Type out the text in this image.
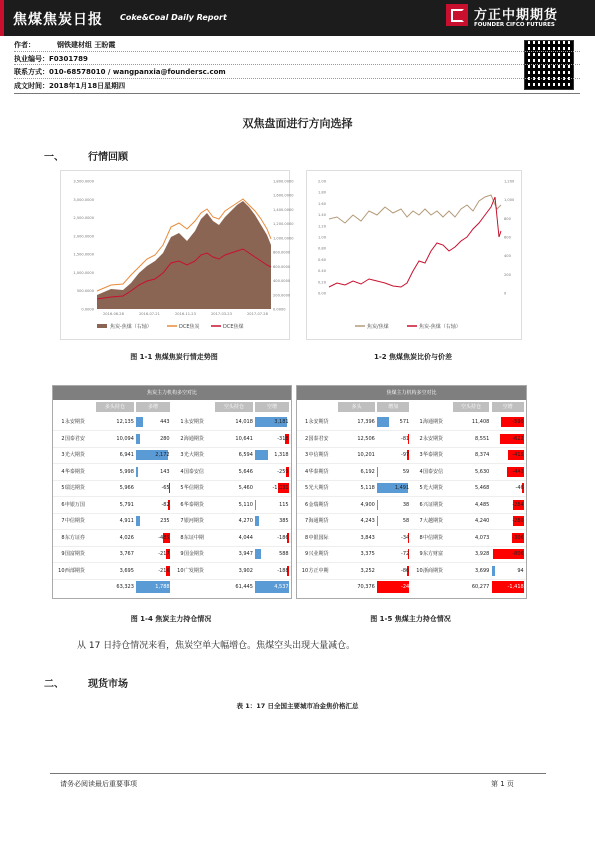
焦煤焦炭日报 Coke&Coal Daily Report	方正中期期货
FOUNDER CIFCO FUTURES
作者：	钢铁建材组 王盼霞
执业编号：F0301789
联系方式：010-68578010 / wangpanxia@foundersc.com
成文时间：2018年1月18日星期四
双焦盘面进行方向选择
一、 行情回顾
3,500.0000
3,000.0000
2,500.0000
2,000.0000
1,500.0000
1,000.0000
500.0000
0.0000
1,800.0000
1,600.0000
1,400.0000
1,200.0000
1,000.0000
800.0000
600.0000
400.0000
200.0000
0.0000
2016-06-28	2016-07-21	2016-11-23	2017-03-23	2017-07-28
焦炭-焦煤（右轴）	DCE焦炭	DCE焦煤
2.00
1.80
1.60
1.40
1.20
1.00
0.80
0.60
0.40
0.20
0.00
1,200
1,000
800
600
400
200
0
焦炭/焦煤	焦炭-焦煤（右轴）
图 1-1 焦煤焦炭行情走势图	1-2 焦煤焦炭比价与价差
焦炭主力机构多空对比
多头持仓	多增	空头持仓	空增
1 永安期货	12,135	443	1 永安期货	14,018	3,181
2 国泰君安	10,094	280	2 海通期货	10,641	-318
3 光大期货	6,941	2,172	3 光大期货	6,594	1,318
4 华泰期货	5,998	143	4 国泰安信	5,646	-259
5 瑞达期货	5,966	-65	5 华信期货	5,460	-1,031
6 申银万国	5,791	-82	6 华泰期货	5,110	115
7 中信期货	4,911	235	7 银河期货	4,270	385
8 东方证券	4,026	-485	8 东证中期	4,044	-186
9 国富期货	3,767	-217	9 国金期货	3,947	588
10 西部期货	3,695	-216	10 广发期货	3,902	-188
63,323	1,788	61,445	4,537
焦煤主力机构多空对比
多头	增加	空头持仓	空增
1 永安期货	17,396	571	1 海通期货	11,408	-590
2 国泰君安	12,506	-81	2 永安期货	8,551	-622
3 中信期货	10,201	-97	3 华泰期货	8,374	-415
4 华泰期货	6,192	59	4 国泰安信	5,630	-442
5 光大期货	5,118	1,491	5 光大期货	5,468	-46
6 金瑞期货	4,900	38	6 兴证期货	4,485	-284
7 海通期货	4,243	58	7 大越期货	4,240	-280
8 中银国际	3,843	-34	8 中信期货	4,073	-306
9 兴业期货	3,375	-72	9 东方财富	3,928	-806
10 方正中期	3,252	-86	10 浙商期货	3,699	94
70,376	-24	60,277	-1,418
图 1-4 焦炭主力持仓情况	图 1-5 焦煤主力持仓情况
从 17 日持仓情况来看，焦炭空单大幅增仓。焦煤空头出现大量减仓。
二、 现货市场
表 1：17 日全国主要城市冶金焦价格汇总
请务必阅读最后重要事项	第 1 页
